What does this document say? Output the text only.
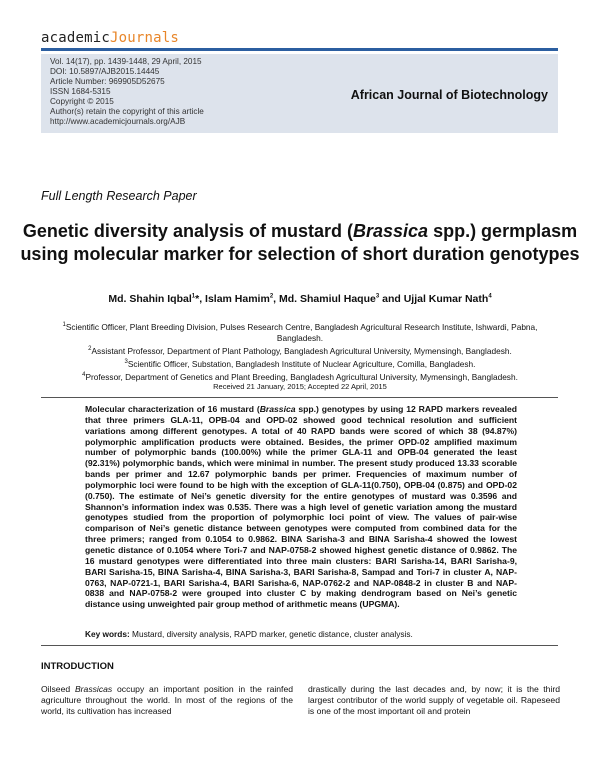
academicJournals
Vol. 14(17), pp. 1439-1448, 29 April, 2015
DOI: 10.5897/AJB2015.14445
Article Number: 969905D52675
ISSN 1684-5315
Copyright © 2015
Author(s) retain the copyright of this article
http://www.academicjournals.org/AJB
African Journal of Biotechnology
Full Length Research Paper
Genetic diversity analysis of mustard (Brassica spp.) germplasm using molecular marker for selection of short duration genotypes
Md. Shahin Iqbal$^1$*, Islam Hamim$^2$, Md. Shamiul Haque$^3$ and Ujjal Kumar Nath$^4$
$^1$Scientific Officer, Plant Breeding Division, Pulses Research Centre, Bangladesh Agricultural Research Institute, Ishwardi, Pabna, Bangladesh.
$^2$Assistant Professor, Department of Plant Pathology, Bangladesh Agricultural University, Mymensingh, Bangladesh.
$^3$Scientific Officer, Substation, Bangladesh Institute of Nuclear Agriculture, Comilla, Bangladesh.
$^4$Professor, Department of Genetics and Plant Breeding, Bangladesh Agricultural University, Mymensingh, Bangladesh.
Received 21 January, 2015; Accepted 22 April, 2015
Molecular characterization of 16 mustard (Brassica spp.) genotypes by using 12 RAPD markers revealed that three primers GLA-11, OPB-04 and OPD-02 showed good technical resolution and sufficient variations among different genotypes. A total of 40 RAPD bands were scored of which 38 (94.87%) polymorphic amplification products were obtained. Besides, the primer OPD-02 amplified maximum number of polymorphic bands (100.00%) while the primer GLA-11 and OPB-04 generated the least (92.31%) polymorphic bands, which were minimal in number. The present study produced 13.33 scorable bands per primer and 12.67 polymorphic bands per primer. Frequencies of maximum number of polymorphic loci were found to be high with the exception of GLA-11(0.750), OPB-04 (0.875) and OPD-02 (0.750). The estimate of Nei’s genetic diversity for the entire genotypes of mustard was 0.3596 and Shannon’s information index was 0.535. There was a high level of genetic variation among the mustard genotypes studied from the proportion of polymorphic loci point of view. The values of pair-wise comparison of Nei’s genetic distance between genotypes were computed from combined data for the three primers; ranged from 0.1054 to 0.9862. BINA Sarisha-3 and BINA Sarisha-4 showed the lowest genetic distance of 0.1054 where Tori-7 and NAP-0758-2 showed highest genetic distance of 0.9862. The 16 mustard genotypes were differentiated into three main clusters: BARI Sarisha-14, BARI Sarisha-9, BARI Sarisha-15, BINA Sarisha-4, BINA Sarisha-3, BARI Sarisha-8, Sampad and Tori-7 in cluster A, NAP-0763, NAP-0721-1, BARI Sarisha-4, BARI Sarisha-6, NAP-0762-2 and NAP-0848-2 in cluster B and NAP-0838 and NAP-0758-2 were grouped into cluster C by making dendrogram based on Nei’s genetic distance using unweighted pair group method of arithmetic means (UPGMA).
Key words: Mustard, diversity analysis, RAPD marker, genetic distance, cluster analysis.
INTRODUCTION
Oilseed Brassicas occupy an important position in the rainfed agriculture throughout the world. In most of the regions of the world, its cultivation has increased
drastically during the last decades and, by now; it is the third largest contributor of the world supply of vegetable oil. Rapeseed is one of the most important oil and protein
